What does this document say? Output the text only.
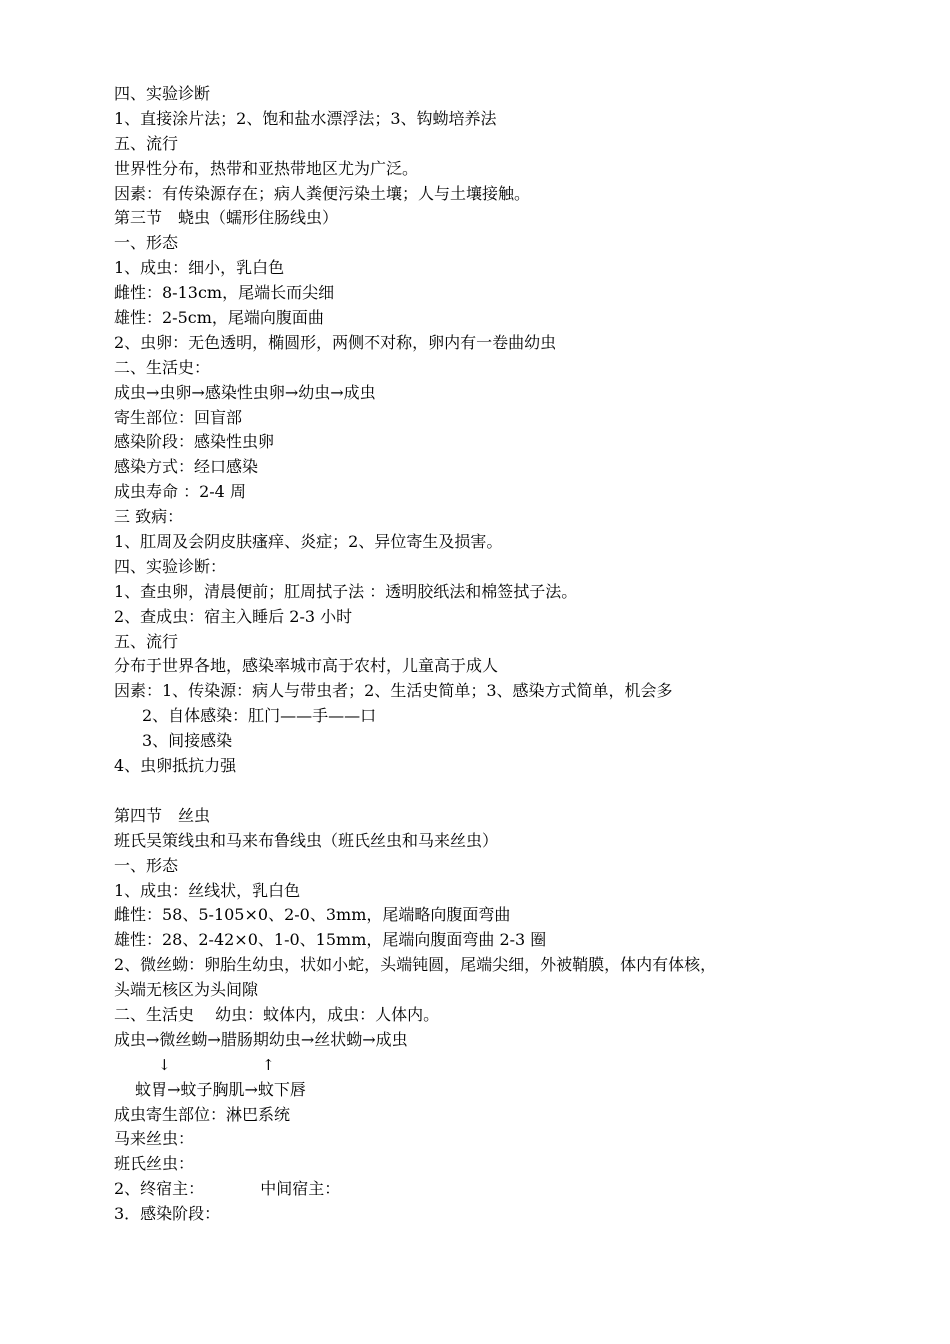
四、实验诊断
1、直接涂片法；2、饱和盐水漂浮法；3、钩蚴培养法
五、流行
世界性分布，热带和亚热带地区尤为广泛。
因素：有传染源存在；病人粪便污染土壤；人与土壤接触。
第三节　蛲虫（蠕形住肠线虫）
一、形态
1、成虫：细小，乳白色
雌性：8-13cm，尾端长而尖细
雄性：2-5cm，尾端向腹面曲
2、虫卵：无色透明，椭圆形，两侧不对称，卵内有一卷曲幼虫
二、生活史：
成虫→虫卵→感染性虫卵→幼虫→成虫
寄生部位：回盲部
感染阶段：感染性虫卵
感染方式：经口感染
成虫寿命 ：2-4 周
三 致病：
1、肛周及会阴皮肤瘙痒、炎症；2、异位寄生及损害。
四、实验诊断：
1、查虫卵，清晨便前；肛周拭子法 ：透明胶纸法和棉签拭子法。
2、查成虫：宿主入睡后 2-3 小时
五、流行
分布于世界各地，感染率城市高于农村，儿童高于成人
因素：1、传染源：病人与带虫者；2、生活史简单；3、感染方式简单，机会多
2、自体感染：肛门——手——口
3、间接感染
4、虫卵抵抗力强
第四节　丝虫
班氏吴策线虫和马来布鲁线虫（班氏丝虫和马来丝虫）
一、形态
1、成虫：丝线状，乳白色
雌性：58、5-105×0、2-0、3mm，尾端略向腹面弯曲
雄性：28、2-42×0、1-0、15mm，尾端向腹面弯曲 2-3 圈
2、微丝蚴：卵胎生幼虫，状如小蛇，头端钝圆，尾端尖细，外被鞘膜，体内有体核，
头端无核区为头间隙
二、生活史　 幼虫：蚊体内，成虫：人体内。
成虫→微丝蚴→腊肠期幼虫→丝状蚴→成虫
↓	↑
　 蚊胃→蚊子胸肌→蚊下唇
成虫寄生部位：淋巴系统
马来丝虫：
班氏丝虫：
2、终宿主：	中间宿主：
3．感染阶段：
